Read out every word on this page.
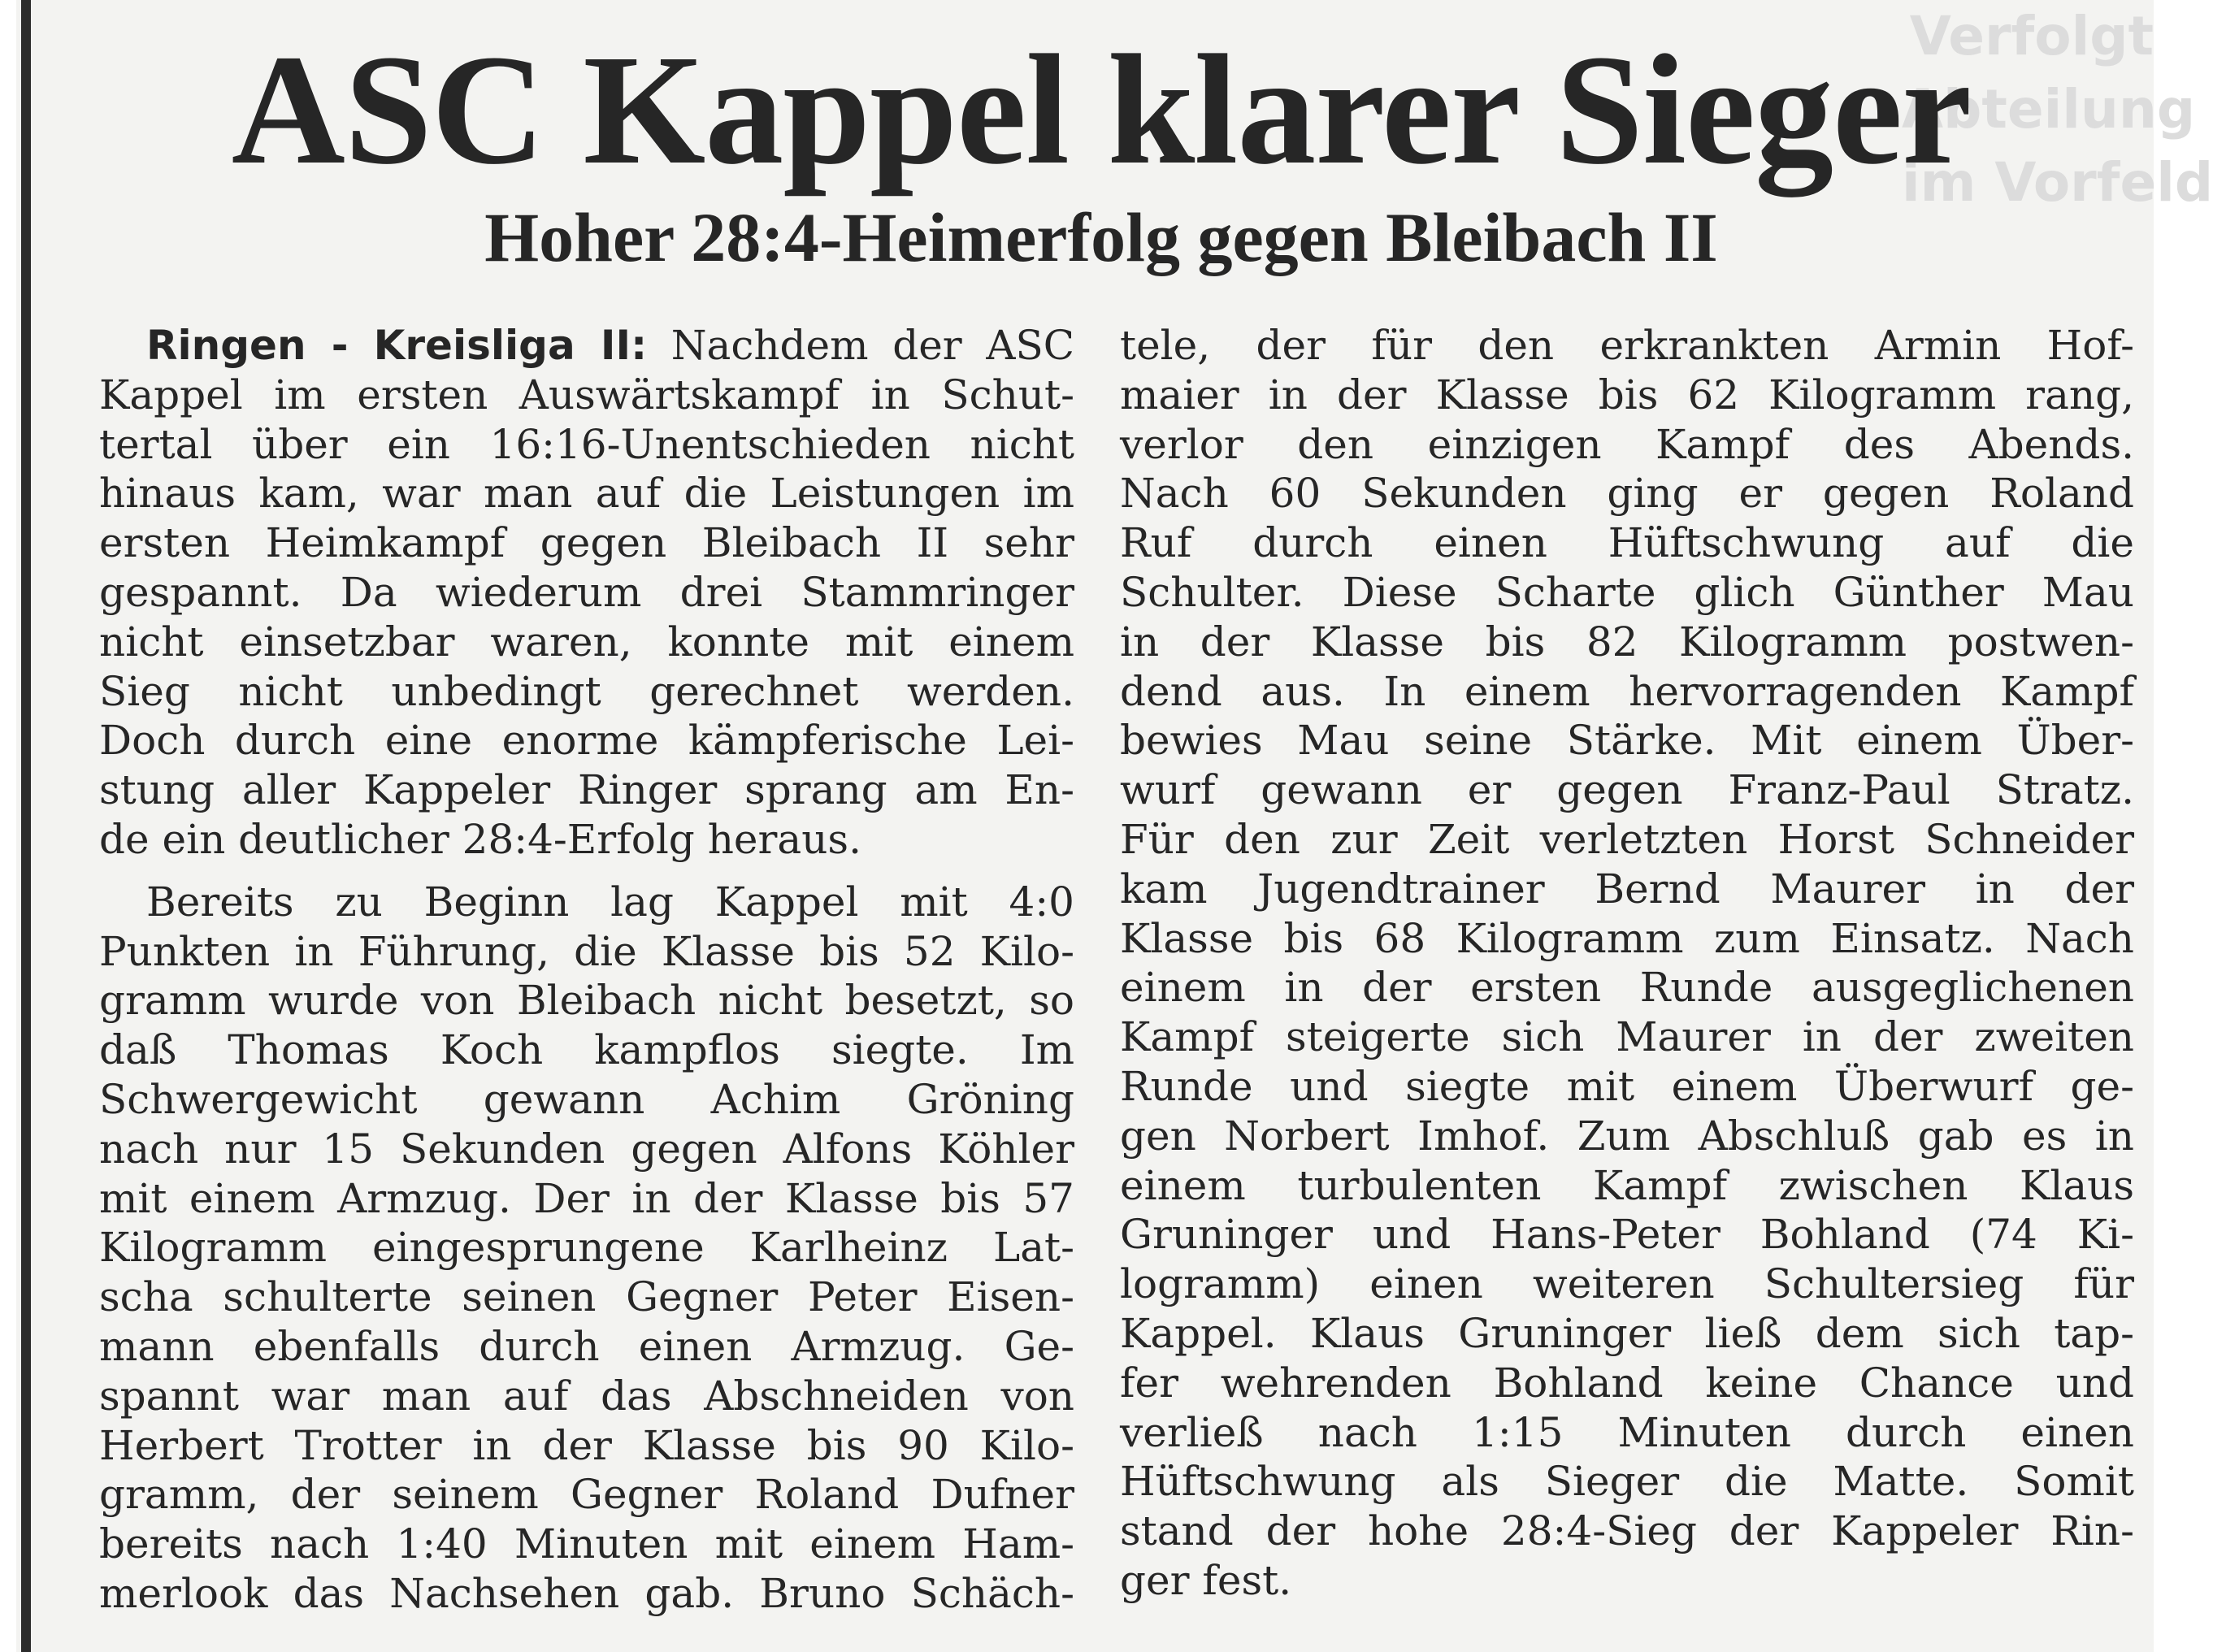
Verfolgt
Abteilung
im Vorfeld
ASC Kappel klarer Sieger
Hoher 28:4-Heimerfolg gegen Bleibach II
Ringen - Kreisliga II: Nachdem der ASC
Kappel im ersten Auswärtskampf in Schut-
tertal über ein 16:16-Unentschieden nicht
hinaus kam, war man auf die Leistungen im
ersten Heimkampf gegen Bleibach II sehr
gespannt. Da wiederum drei Stammringer
nicht einsetzbar waren, konnte mit einem
Sieg nicht unbedingt gerechnet werden.
Doch durch eine enorme kämpferische Lei-
stung aller Kappeler Ringer sprang am En-
de ein deutlicher 28:4-Erfolg heraus.
Bereits zu Beginn lag Kappel mit 4:0
Punkten in Führung, die Klasse bis 52 Kilo-
gramm wurde von Bleibach nicht besetzt, so
daß Thomas Koch kampflos siegte. Im
Schwergewicht gewann Achim Gröning
nach nur 15 Sekunden gegen Alfons Köhler
mit einem Armzug. Der in der Klasse bis 57
Kilogramm eingesprungene Karlheinz Lat-
scha schulterte seinen Gegner Peter Eisen-
mann ebenfalls durch einen Armzug. Ge-
spannt war man auf das Abschneiden von
Herbert Trotter in der Klasse bis 90 Kilo-
gramm, der seinem Gegner Roland Dufner
bereits nach 1:40 Minuten mit einem Ham-
merlook das Nachsehen gab. Bruno Schäch-
tele, der für den erkrankten Armin Hof-
maier in der Klasse bis 62 Kilogramm rang,
verlor den einzigen Kampf des Abends.
Nach 60 Sekunden ging er gegen Roland
Ruf durch einen Hüftschwung auf die
Schulter. Diese Scharte glich Günther Mau
in der Klasse bis 82 Kilogramm postwen-
dend aus. In einem hervorragenden Kampf
bewies Mau seine Stärke. Mit einem Über-
wurf gewann er gegen Franz-Paul Stratz.
Für den zur Zeit verletzten Horst Schneider
kam Jugendtrainer Bernd Maurer in der
Klasse bis 68 Kilogramm zum Einsatz. Nach
einem in der ersten Runde ausgeglichenen
Kampf steigerte sich Maurer in der zweiten
Runde und siegte mit einem Überwurf ge-
gen Norbert Imhof. Zum Abschluß gab es in
einem turbulenten Kampf zwischen Klaus
Gruninger und Hans-Peter Bohland (74 Ki-
logramm) einen weiteren Schultersieg für
Kappel. Klaus Gruninger ließ dem sich tap-
fer wehrenden Bohland keine Chance und
verließ nach 1:15 Minuten durch einen
Hüftschwung als Sieger die Matte. Somit
stand der hohe 28:4-Sieg der Kappeler Rin-
ger fest.
